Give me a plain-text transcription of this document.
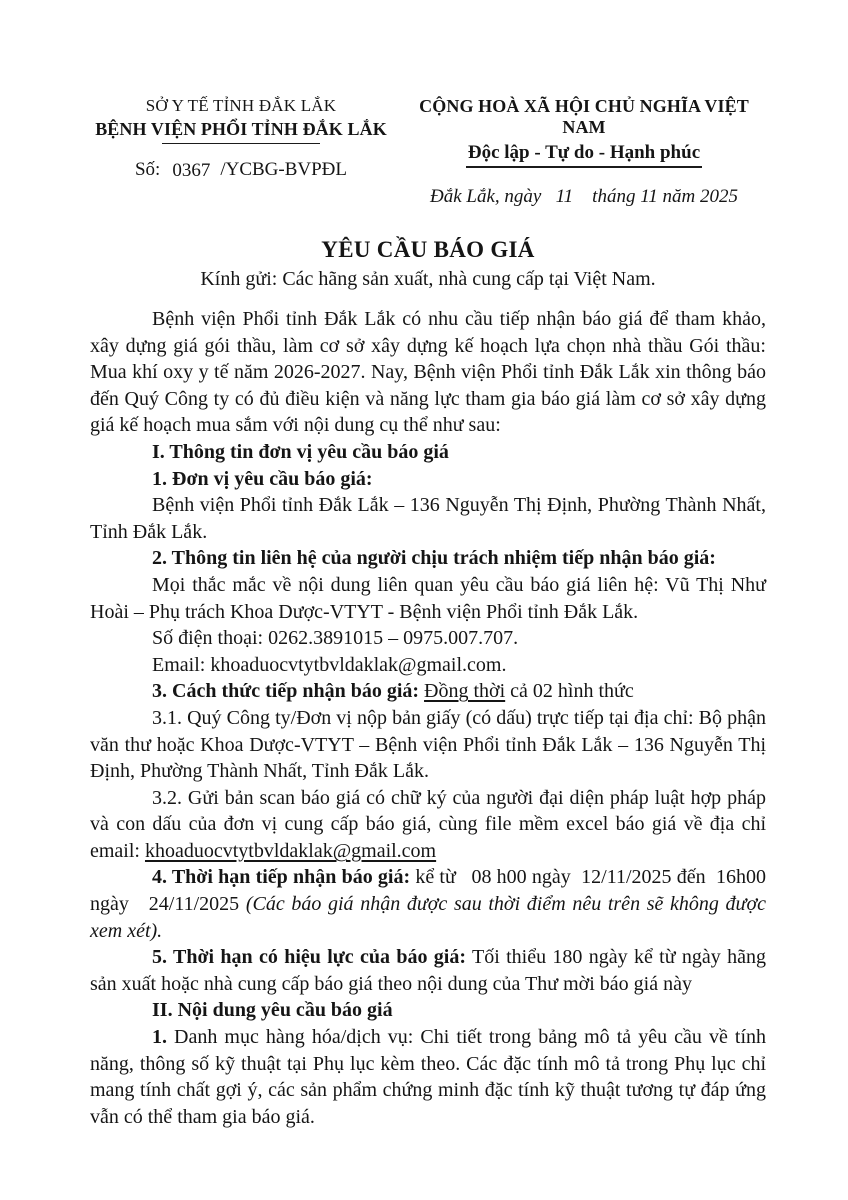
SỞ Y TẾ TỈNH ĐẮK LẮK
BỆNH VIỆN PHỔI TỈNH ĐẮK LẮK
Số: 0367 /YCBG-BVPĐL
CỘNG HOÀ XÃ HỘI CHỦ NGHĨA VIỆT NAM
Độc lập - Tự do - Hạnh phúc
Đắk Lắk, ngày   11    tháng 11 năm 2025
YÊU CẦU BÁO GIÁ
Kính gửi: Các hãng sản xuất, nhà cung cấp tại Việt Nam.

Bệnh viện Phổi tỉnh Đắk Lắk có nhu cầu tiếp nhận báo giá để tham khảo, xây dựng giá gói thầu, làm cơ sở xây dựng kế hoạch lựa chọn nhà thầu Gói thầu: Mua khí oxy y tế năm 2026-2027. Nay, Bệnh viện Phổi tỉnh Đắk Lắk xin thông báo đến Quý Công ty có đủ điều kiện và năng lực tham gia báo giá làm cơ sở xây dựng giá kế hoạch mua sắm với nội dung cụ thể như sau:

I. Thông tin đơn vị yêu cầu báo giá

1. Đơn vị yêu cầu báo giá:

Bệnh viện Phổi tỉnh Đắk Lắk – 136 Nguyễn Thị Định, Phường Thành Nhất, Tỉnh Đắk Lắk.

2. Thông tin liên hệ của người chịu trách nhiệm tiếp nhận báo giá:

Mọi thắc mắc về nội dung liên quan yêu cầu báo giá liên hệ: Vũ Thị Như Hoài – Phụ trách Khoa Dược-VTYT - Bệnh viện Phổi tỉnh Đắk Lắk.

Số điện thoại: 0262.3891015 – 0975.007.707.

Email: khoaduocvtytbvldaklak@gmail.com.

3. Cách thức tiếp nhận báo giá: Đồng thời cả 02 hình thức

3.1. Quý Công ty/Đơn vị nộp bản giấy (có dấu) trực tiếp tại địa chỉ: Bộ phận văn thư hoặc Khoa Dược-VTYT – Bệnh viện Phổi tỉnh Đắk Lắk – 136 Nguyễn Thị Định, Phường Thành Nhất, Tỉnh Đắk Lắk.

3.2. Gửi bản scan báo giá có chữ ký của người đại diện pháp luật hợp pháp và con dấu của đơn vị cung cấp báo giá, cùng file mềm excel báo giá về địa chỉ email: khoaduocvtytbvldaklak@gmail.com

4. Thời hạn tiếp nhận báo giá: kể từ   08 h00 ngày  12/11/2025 đến  16h00 ngày   24/11/2025 (Các báo giá nhận được sau thời điểm nêu trên sẽ không được xem xét).

5. Thời hạn có hiệu lực của báo giá: Tối thiểu 180 ngày kể từ ngày hãng sản xuất hoặc nhà cung cấp báo giá theo nội dung của Thư mời báo giá này

II. Nội dung yêu cầu báo giá

1. Danh mục hàng hóa/dịch vụ: Chi tiết trong bảng mô tả yêu cầu về tính năng, thông số kỹ thuật tại Phụ lục kèm theo. Các đặc tính mô tả trong Phụ lục chỉ mang tính chất gợi ý, các sản phẩm chứng minh đặc tính kỹ thuật tương tự đáp ứng vẫn có thể tham gia báo giá.
